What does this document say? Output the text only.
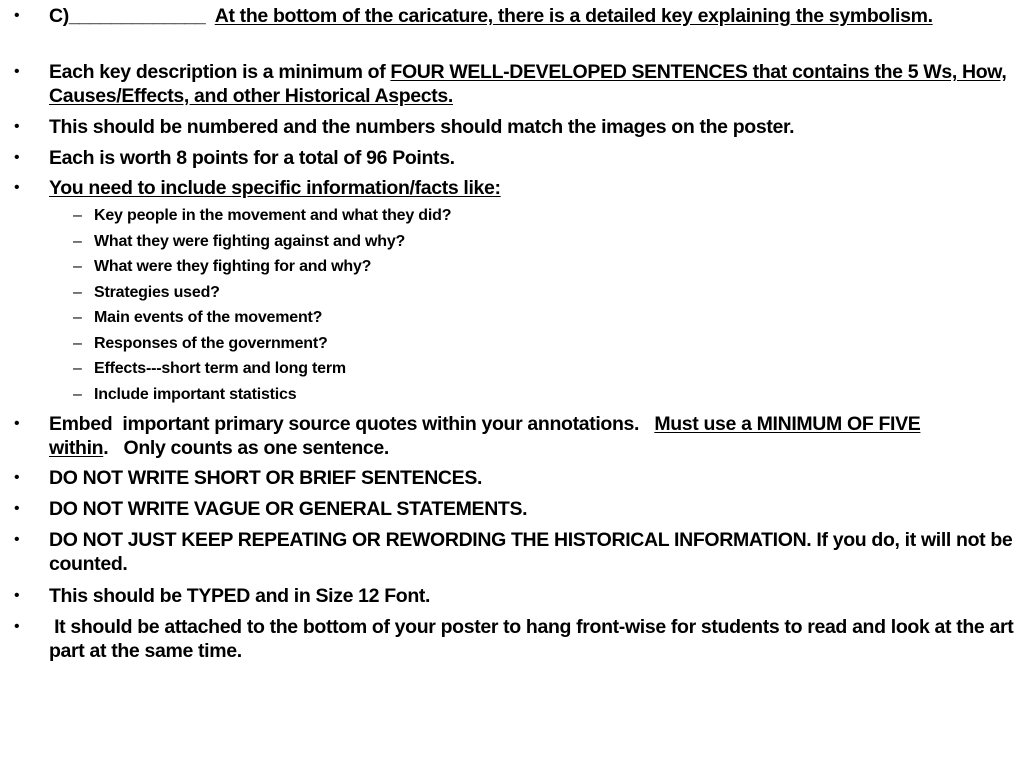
• C)_____________  At the bottom of the caricature, there is a detailed key explaining the symbolism.
• Each key description is a minimum of FOUR WELL-DEVELOPED SENTENCES that contains the 5 Ws, How, Causes/Effects, and other Historical Aspects.
• This should be numbered and the numbers should match the images on the poster.
• Each is worth 8 points for a total of 96 Points.
• You need to include specific information/facts like:
– Key people in the movement and what they did?
– What they were fighting against and why?
– What were they fighting for and why?
– Strategies used?
– Main events of the movement?
– Responses of the government?
– Effects---short term and long term
– Include important statistics
• Embed  important primary source quotes within your annotations.   Must use a MINIMUM OF FIVE within.   Only counts as one sentence.
• DO NOT WRITE SHORT OR BRIEF SENTENCES.
• DO NOT WRITE VAGUE OR GENERAL STATEMENTS.
• DO NOT JUST KEEP REPEATING OR REWORDING THE HISTORICAL INFORMATION. If you do, it will not be counted.
• This should be TYPED and in Size 12 Font.
• It should be attached to the bottom of your poster to hang front-wise for students to read and look at the art part at the same time.
